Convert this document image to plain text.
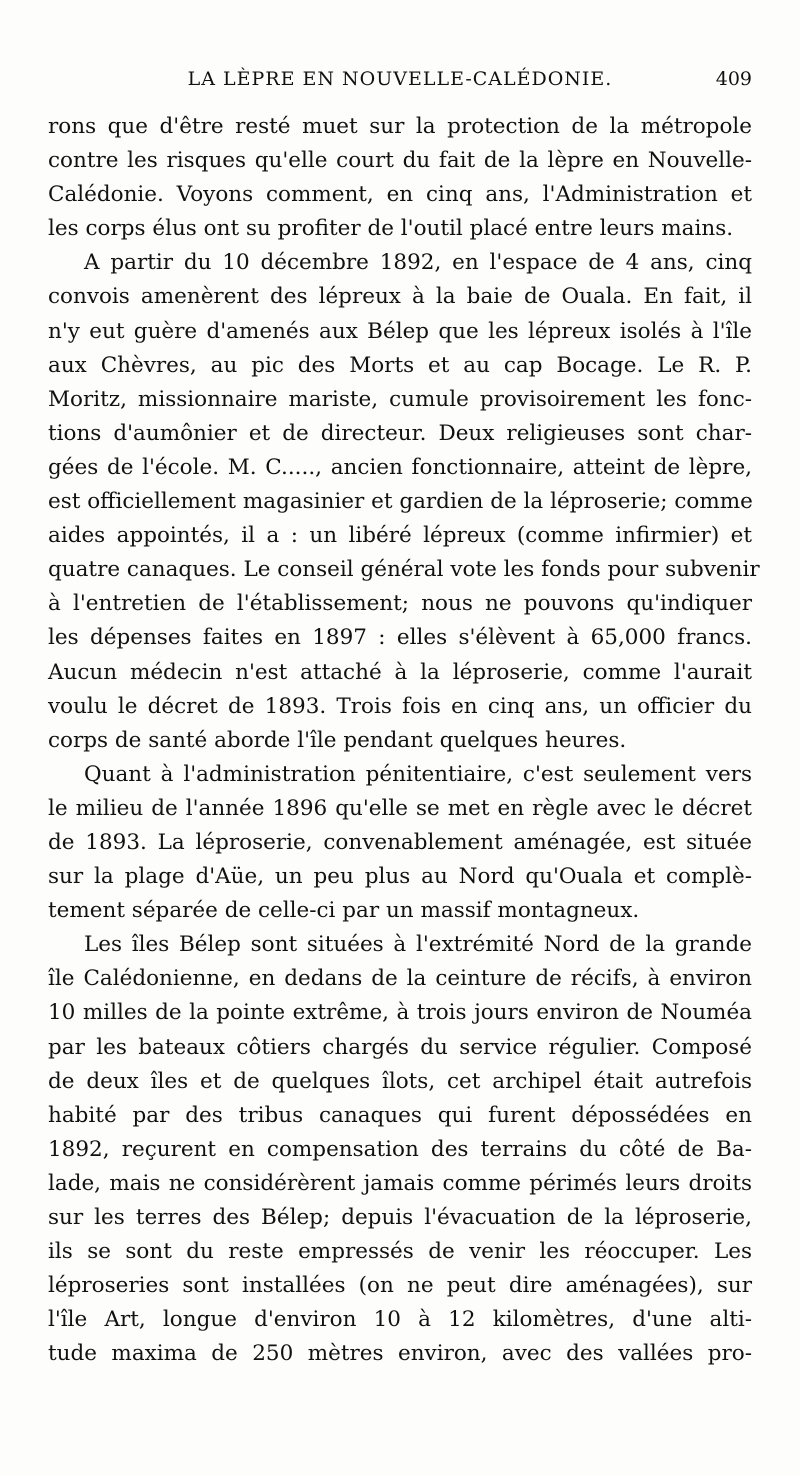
LA LÈPRE EN NOUVELLE-CALÉDONIE.	409
rons que d'être resté muet sur la protection de la métropole
contre les risques qu'elle court du fait de la lèpre en Nouvelle-
Calédonie. Voyons comment, en cinq ans, l'Administration et
les corps élus ont su profiter de l'outil placé entre leurs mains.
A partir du 10 décembre 1892, en l'espace de 4 ans, cinq
convois amenèrent des lépreux à la baie de Ouala. En fait, il
n'y eut guère d'amenés aux Bélep que les lépreux isolés à l'île
aux Chèvres, au pic des Morts et au cap Bocage. Le R. P.
Moritz, missionnaire mariste, cumule provisoirement les fonc-
tions d'aumônier et de directeur. Deux religieuses sont char-
gées de l'école. M. C....., ancien fonctionnaire, atteint de lèpre,
est officiellement magasinier et gardien de la léproserie; comme
aides appointés, il a : un libéré lépreux (comme infirmier) et
quatre canaques. Le conseil général vote les fonds pour subvenir
à l'entretien de l'établissement; nous ne pouvons qu'indiquer
les dépenses faites en 1897 : elles s'élèvent à 65,000 francs.
Aucun médecin n'est attaché à la léproserie, comme l'aurait
voulu le décret de 1893. Trois fois en cinq ans, un officier du
corps de santé aborde l'île pendant quelques heures.
Quant à l'administration pénitentiaire, c'est seulement vers
le milieu de l'année 1896 qu'elle se met en règle avec le décret
de 1893. La léproserie, convenablement aménagée, est située
sur la plage d'Aüe, un peu plus au Nord qu'Ouala et complè-
tement séparée de celle-ci par un massif montagneux.
Les îles Bélep sont situées à l'extrémité Nord de la grande
île Calédonienne, en dedans de la ceinture de récifs, à environ
10 milles de la pointe extrême, à trois jours environ de Nouméa
par les bateaux côtiers chargés du service régulier. Composé
de deux îles et de quelques îlots, cet archipel était autrefois
habité par des tribus canaques qui furent dépossédées en
1892, reçurent en compensation des terrains du côté de Ba-
lade, mais ne considérèrent jamais comme périmés leurs droits
sur les terres des Bélep; depuis l'évacuation de la léproserie,
ils se sont du reste empressés de venir les réoccuper. Les
léproseries sont installées (on ne peut dire aménagées), sur
l'île Art, longue d'environ 10 à 12 kilomètres, d'une alti-
tude maxima de 250 mètres environ, avec des vallées pro-
